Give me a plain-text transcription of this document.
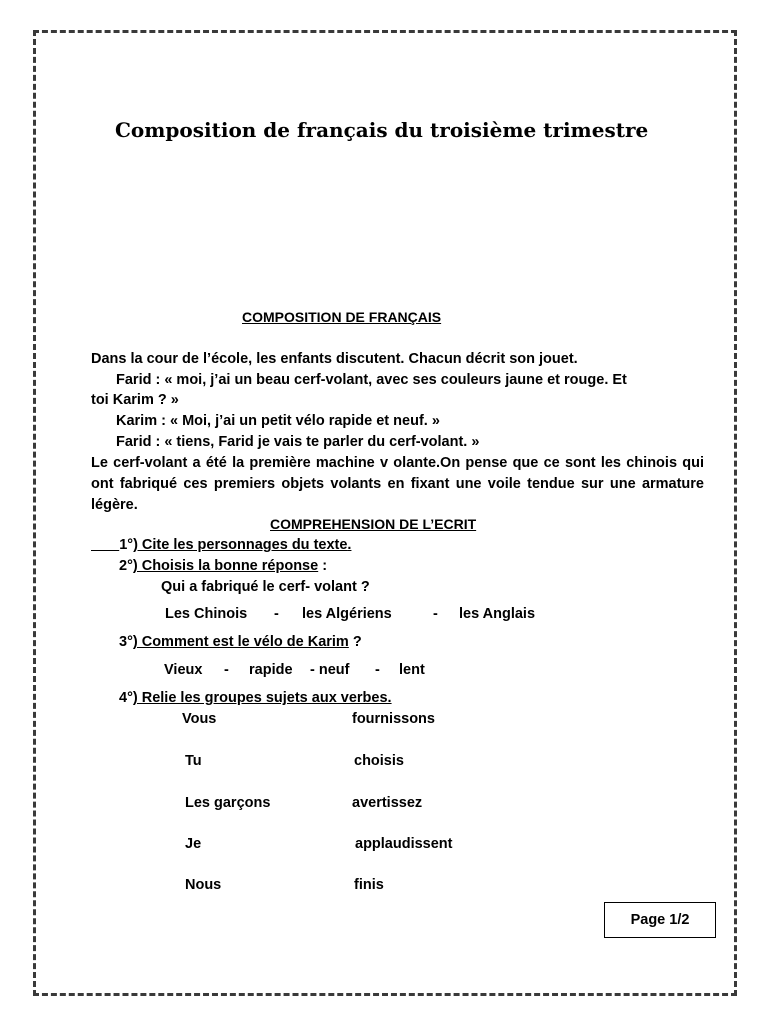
Composition de français du troisième trimestre
COMPOSITION DE FRANÇAIS
Dans la cour de l’école, les enfants discutent. Chacun décrit son jouet.
Farid : « moi, j’ai un beau cerf-volant, avec ses couleurs jaune et rouge. Et
toi Karim ? »
Karim : « Moi, j’ai un petit vélo rapide et neuf. »
Farid : « tiens, Farid je vais te parler du cerf-volant. »
Le cerf-volant a été la première machine v olante.On pense que ce sont les chinois qui ont fabriqué ces premiers objets volants en fixant une voile tendue sur une armature légère.
COMPREHENSION DE L’ECRIT
1°) Cite les personnages du texte.
2°) Choisis la bonne réponse :
Qui a fabriqué le cerf- volant ?
Les Chinois - les Algériens	- les Anglais
3°) Comment est le vélo de Karim ?
Vieux - rapide - neuf - lent
4°) Relie les groupes sujets aux verbes.
Vous
Tu
Les garçons
Je
Nous
fournissons
choisis
avertissez
applaudissent
finis
Page 1/2
